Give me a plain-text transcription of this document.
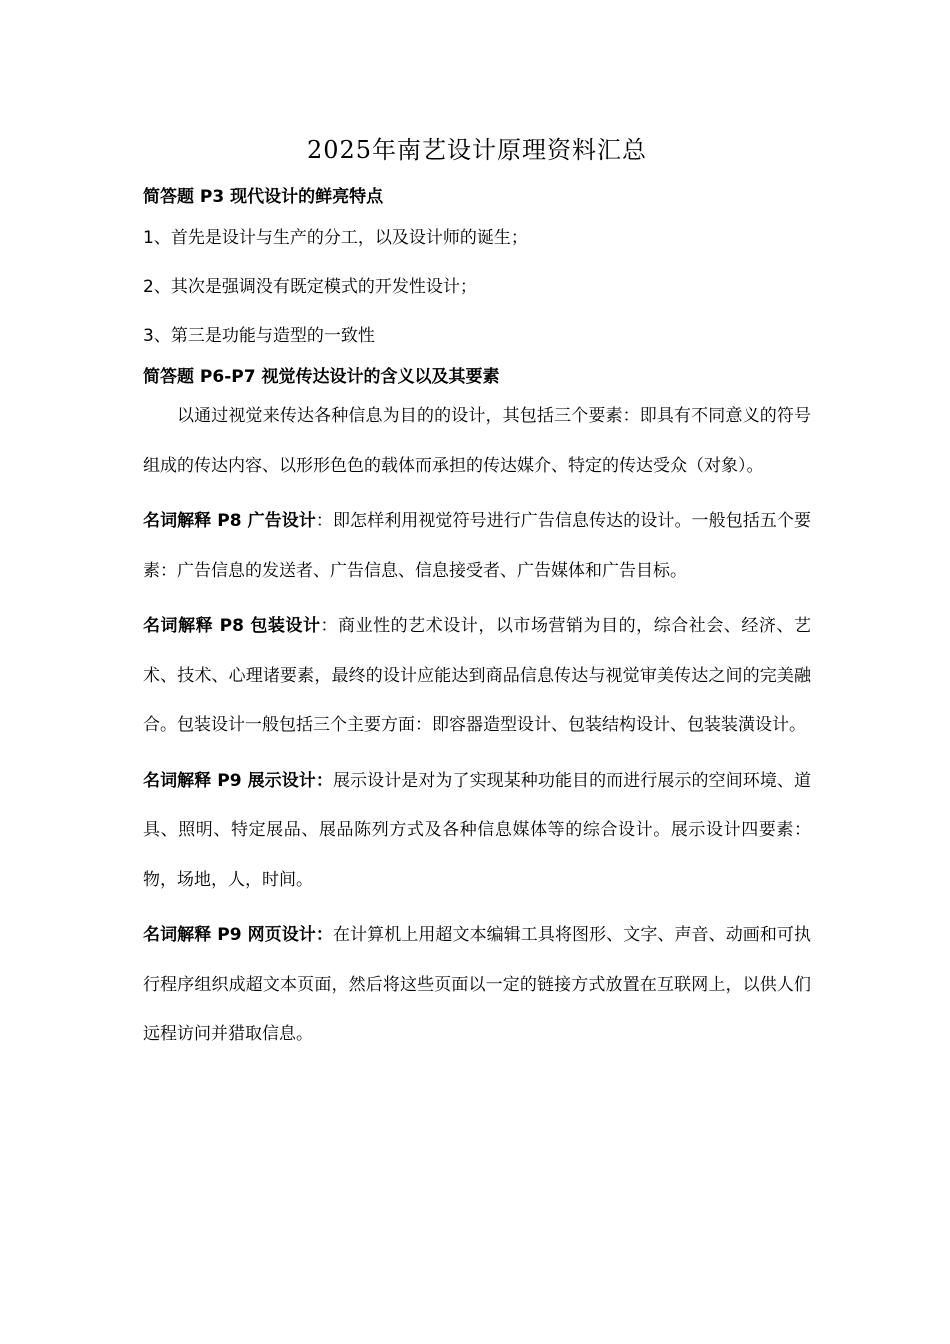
2025年南艺设计原理资料汇总
简答题 P3 现代设计的鲜亮特点
1、首先是设计与生产的分工，以及设计师的诞生；
2、其次是强调没有既定模式的开发性设计；
3、第三是功能与造型的一致性
简答题 P6-P7 视觉传达设计的含义以及其要素

以通过视觉来传达各种信息为目的的设计，其包括三个要素：即具有不同意义的符号组成的传达内容、以形形色色的载体而承担的传达媒介、特定的传达受众（对象）。

名词解释 P8 广告设计：即怎样利用视觉符号进行广告信息传达的设计。一般包括五个要素：广告信息的发送者、广告信息、信息接受者、广告媒体和广告目标。

名词解释 P8 包装设计：商业性的艺术设计，以市场营销为目的，综合社会、经济、艺术、技术、心理诸要素，最终的设计应能达到商品信息传达与视觉审美传达之间的完美融合。包装设计一般包括三个主要方面：即容器造型设计、包装结构设计、包装装潢设计。

名词解释 P9 展示设计：展示设计是对为了实现某种功能目的而进行展示的空间环境、道具、照明、特定展品、展品陈列方式及各种信息媒体等的综合设计。展示设计四要素：物，场地，人，时间。

名词解释 P9 网页设计：在计算机上用超文本编辑工具将图形、文字、声音、动画和可执行程序组织成超文本页面，然后将这些页面以一定的链接方式放置在互联网上，以供人们远程访问并猎取信息。
